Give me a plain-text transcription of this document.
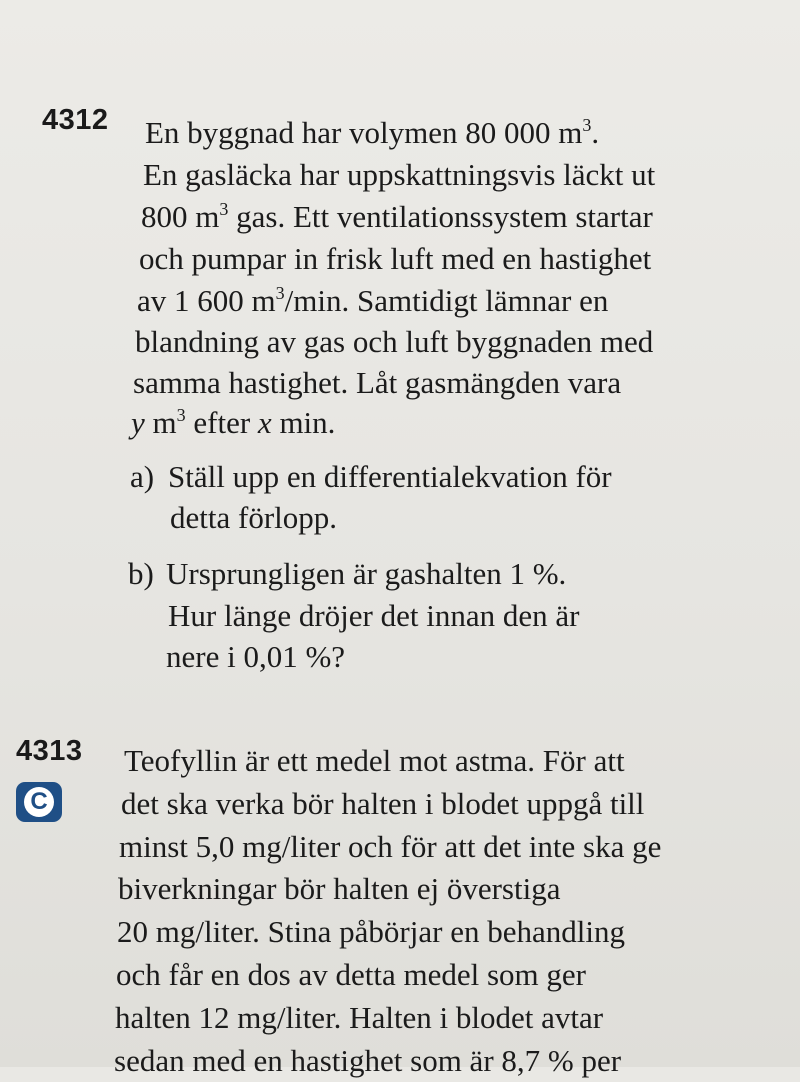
4312 En byggnad har volymen 80 000 $m^3$.
En gasläcka har uppskattningsvis läckt ut
800 $m^3$ gas. Ett ventilationssystem startar
och pumpar in frisk luft med en hastighet
av 1 600 $m^3/\min$. Samtidigt lämnar en
blandning av gas och luft byggnaden med
samma hastighet. Låt gasmängden vara
y $m^3$ efter x min.
a) Ställ upp en differentialekvation för
detta förlopp.
b) Ursprungligen är gashalten 1 %.
Hur länge dröjer det innan den är
nere i 0,01 %?
4313
C
Teofyllin är ett medel mot astma. För att
det ska verka bör halten i blodet uppgå till
minst 5,0 mg/liter och för att det inte ska ge
biverkningar bör halten ej överstiga
20 mg/liter. Stina påbörjar en behandling
och får en dos av detta medel som ger
halten 12 mg/liter. Halten i blodet avtar
sedan med en hastighet som är 8,7 % per
